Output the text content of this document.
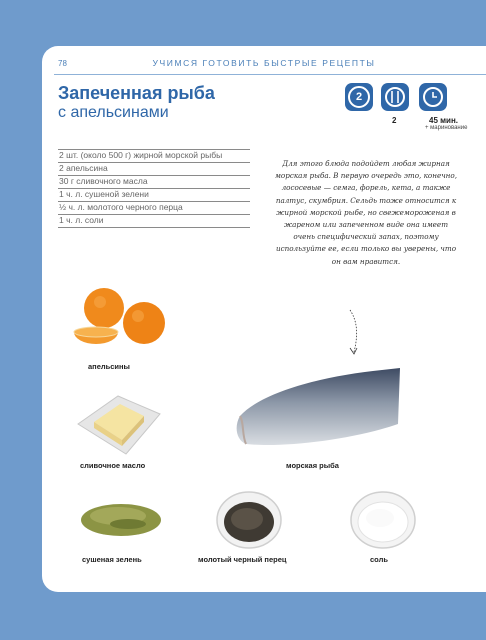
78	УЧИМСЯ ГОТОВИТЬ БЫСТРЫЕ РЕЦЕПТЫ
Запеченная рыба
с апельсинами
2
2	45 мин.
+ маринование
2 шт. (около 500 г) жирной морской рыбы
2 апельсина
30 г сливочного масла
1 ч. л. сушеной зелени
½ ч. л. молотого черного перца
1 ч. л. соли
Для этого блюда подойдет любая жирная морская рыба. В первую очередь это, конечно, лососевые — семга, форель, кета, а также палтус, скумбрия. Сельдь тоже относится к жирной морской рыбе, но свежемороженая в жареном или запеченном виде она имеет очень специфический запах, поэтому используйте ее, если только вы уверены, что он вам нравится.
апельсины
сливочное масло	морская рыба
сушеная зелень	молотый черный перец	соль
